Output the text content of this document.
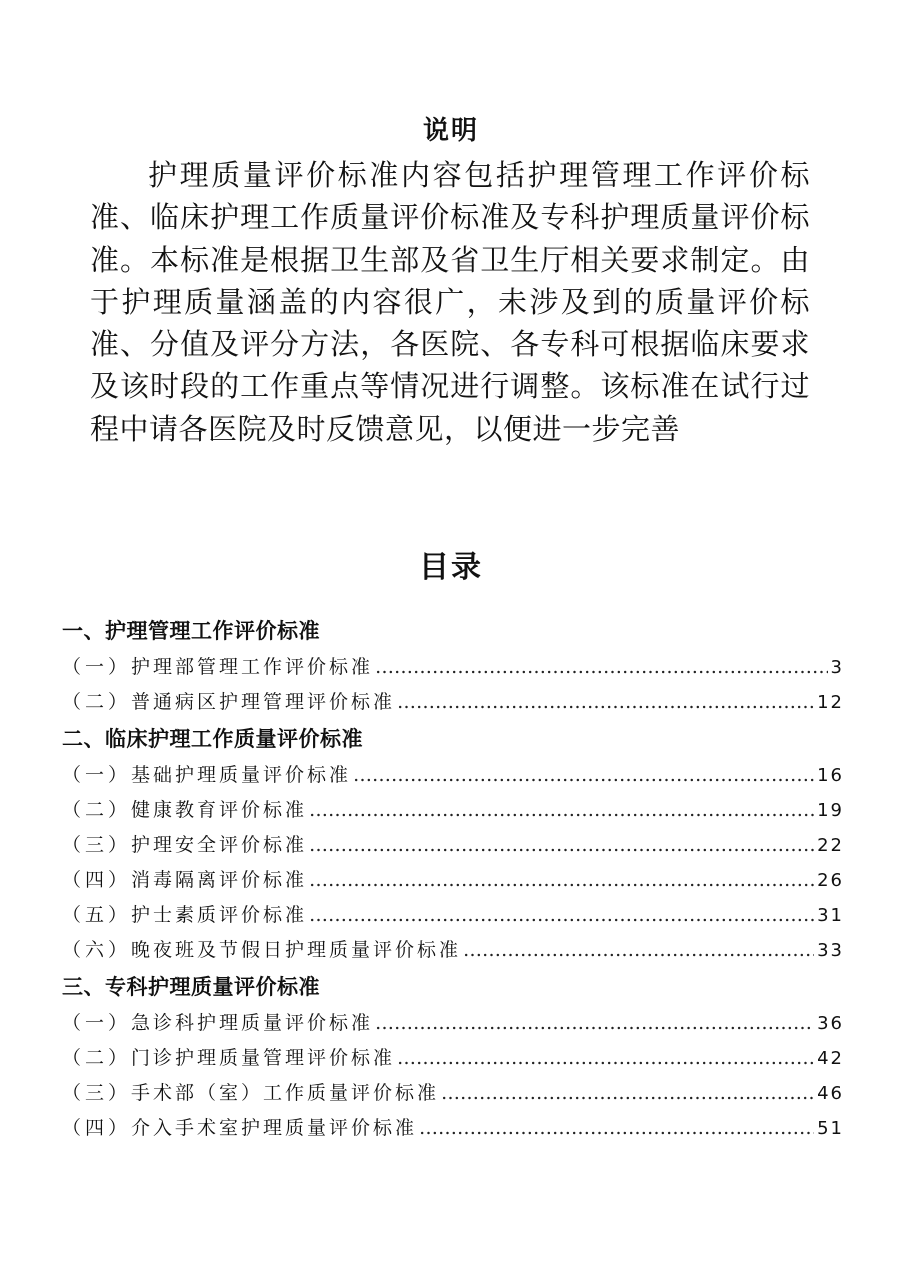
说明

护理质量评价标准内容包括护理管理工作评价标准、临床护理工作质量评价标准及专科护理质量评价标准。本标准是根据卫生部及省卫生厅相关要求制定。由于护理质量涵盖的内容很广，未涉及到的质量评价标准、分值及评分方法，各医院、各专科可根据临床要求及该时段的工作重点等情况进行调整。该标准在试行过程中请各医院及时反馈意见，以便进一步完善

目录
一、护理管理工作评价标准
（一） 护理部管理工作评价标准 …………………………………………………………………………………………………………………………………………	3
（二） 普通病区护理管理评价标准 …………………………………………………………………………………………………………………………………………	12
二、临床护理工作质量评价标准
（一） 基础护理质量评价标准 …………………………………………………………………………………………………………………………………………	16
（二） 健康教育评价标准 …………………………………………………………………………………………………………………………………………	19
（三） 护理安全评价标准 …………………………………………………………………………………………………………………………………………	22
（四） 消毒隔离评价标准 …………………………………………………………………………………………………………………………………………	26
（五） 护士素质评价标准 …………………………………………………………………………………………………………………………………………	31
（六） 晚夜班及节假日护理质量评价标准 …………………………………………………………………………………………………………………………………………	33
三、专科护理质量评价标准
（一） 急诊科护理质量评价标准 …………………………………………………………………………………………………………………………………………	36
（二） 门诊护理质量管理评价标准 …………………………………………………………………………………………………………………………………………	42
（三） 手术部（室）工作质量评价标准 …………………………………………………………………………………………………………………………………………	46
（四） 介入手术室护理质量评价标准 …………………………………………………………………………………………………………………………………………	51
